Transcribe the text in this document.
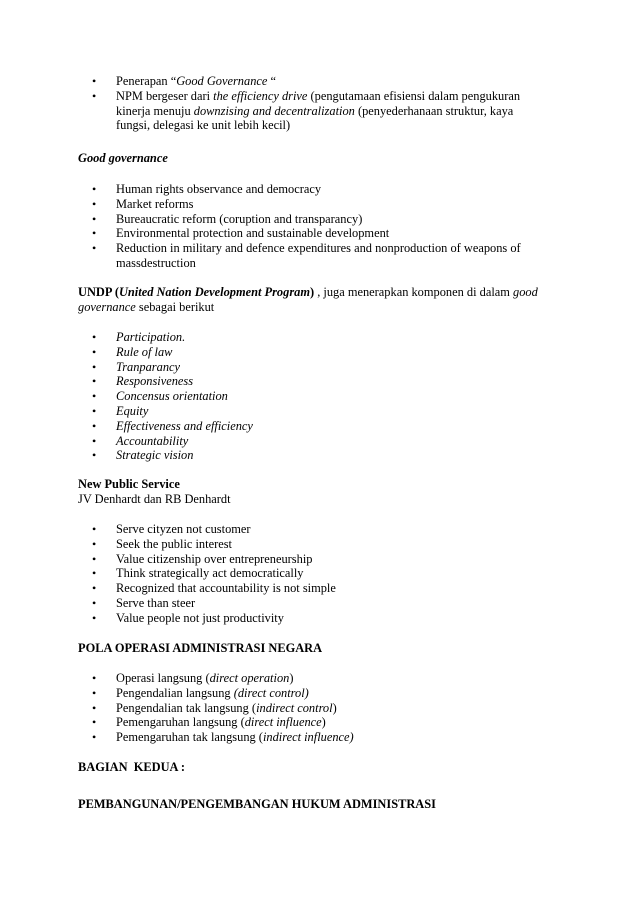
• Penerapan “Good Governance “
• NPM bergeser dari the efficiency drive (pengutamaan efisiensi dalam pengukuran kinerja menuju downzising and decentralization (penyederhanaan struktur, kaya fungsi, delegasi ke unit lebih kecil)

Good governance

• Human rights observance and democracy
• Market reforms
• Bureaucratic reform (coruption and transparancy)
• Environmental protection and sustainable development
• Reduction in military and defence expenditures and nonproduction of weapons of massdestruction

UNDP (United Nation Development Program) , juga menerapkan komponen di dalam good governance sebagai berikut

• Participation.
• Rule of law
• Tranparancy
• Responsiveness
• Concensus orientation
• Equity
• Effectiveness and efficiency
• Accountability
• Strategic vision

New Public Service

JV Denhardt dan RB Denhardt

• Serve cityzen not customer
• Seek the public interest
• Value citizenship over entrepreneurship
• Think strategically act democratically
• Recognized that accountability is not simple
• Serve than steer
• Value people not just productivity

POLA OPERASI ADMINISTRASI NEGARA

• Operasi langsung (direct operation)
• Pengendalian langsung (direct control)
• Pengendalian tak langsung (indirect control)
• Pemengaruhan langsung (direct influence)
• Pemengaruhan tak langsung (indirect influence)

BAGIAN  KEDUA :

PEMBANGUNAN/PENGEMBANGAN HUKUM ADMINISTRASI
